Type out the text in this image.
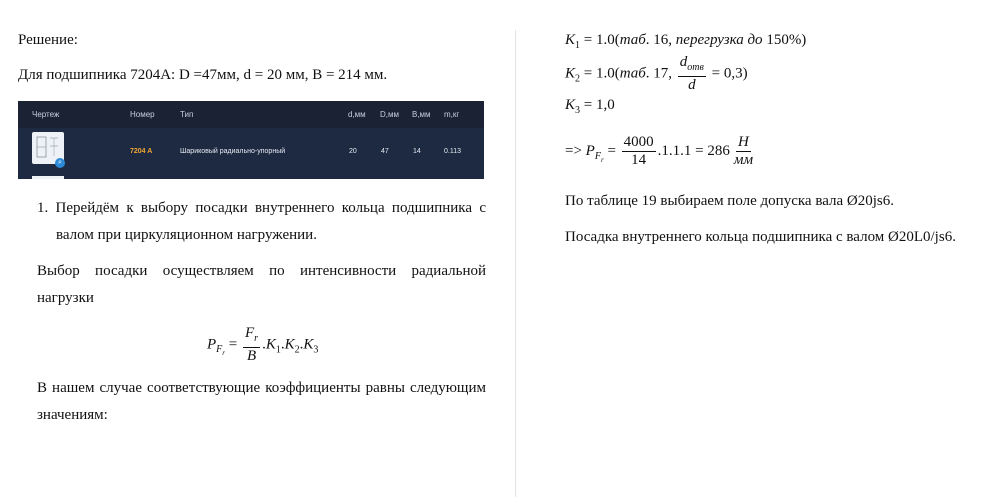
Решение:
Для подшипника 7204А: D =47мм, d = 20 мм, В = 214 мм.
Чертеж	Номер	Тип	d,мм D,мм B,мм m,кг
⌕
7204 A	Шариковый радиально-упорный	20	47	14	0.113
1. Перейдём к выбору посадки внутреннего кольца подшипника с
валом при циркуляционном нагружении.
Выбор посадки осуществляем по интенсивности радиальной
нагрузки
$P_{F_r} = \frac{F_r}{B} .K_1.K_2.K_3$
В нашем случае соответствующие коэффициенты равны следующим
значениям:
$K_1 = 1.0(таб$. 16, перегрузка до 150%)
$K_2 = 1.0(таб$. 17, $\frac{d_{отв}}{d} = 0,3$)
$K_3 = 1,0$
=> $P_{F_r} = \frac{4000}{14} .1.1.1 = 286 \frac{H}{мм}$
По таблице 19 выбираем поле допуска вала Ø20js6.
Посадка внутреннего кольца подшипника с валом Ø20L0/js6.
